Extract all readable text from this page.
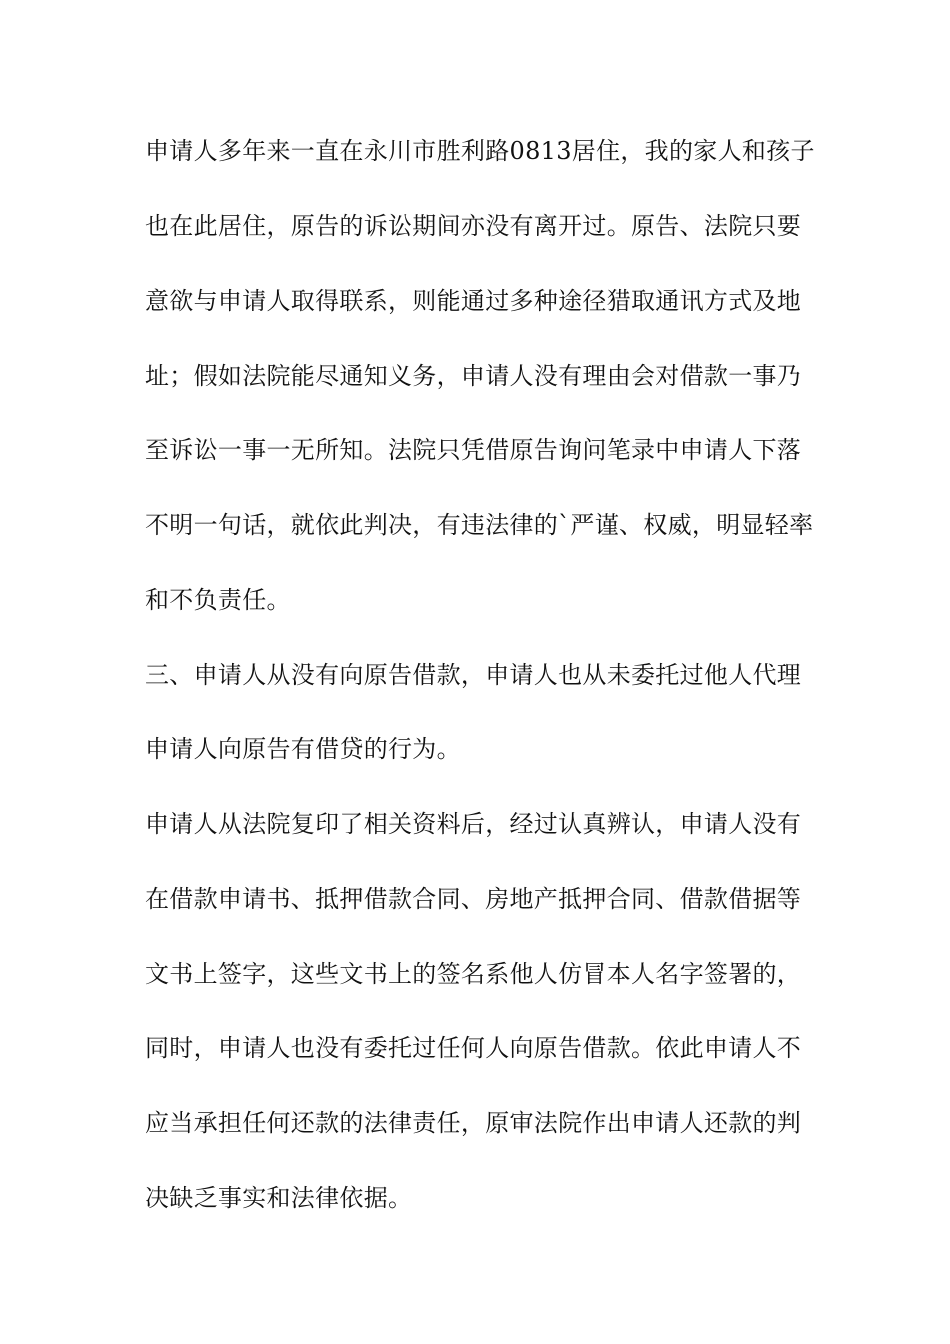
申请人多年来一直在永川市胜利路0813居住，我的家人和孩子
也在此居住，原告的诉讼期间亦没有离开过。原告、法院只要
意欲与申请人取得联系，则能通过多种途径猎取通讯方式及地
址；假如法院能尽通知义务，申请人没有理由会对借款一事乃
至诉讼一事一无所知。法院只凭借原告询问笔录中申请人下落
不明一句话，就依此判决，有违法律的`严谨、权威，明显轻率
和不负责任。
三、申请人从没有向原告借款，申请人也从未委托过他人代理
申请人向原告有借贷的行为。
申请人从法院复印了相关资料后，经过认真辨认，申请人没有
在借款申请书、抵押借款合同、房地产抵押合同、借款借据等
文书上签字，这些文书上的签名系他人仿冒本人名字签署的，
同时，申请人也没有委托过任何人向原告借款。依此申请人不
应当承担任何还款的法律责任，原审法院作出申请人还款的判
决缺乏事实和法律依据。
